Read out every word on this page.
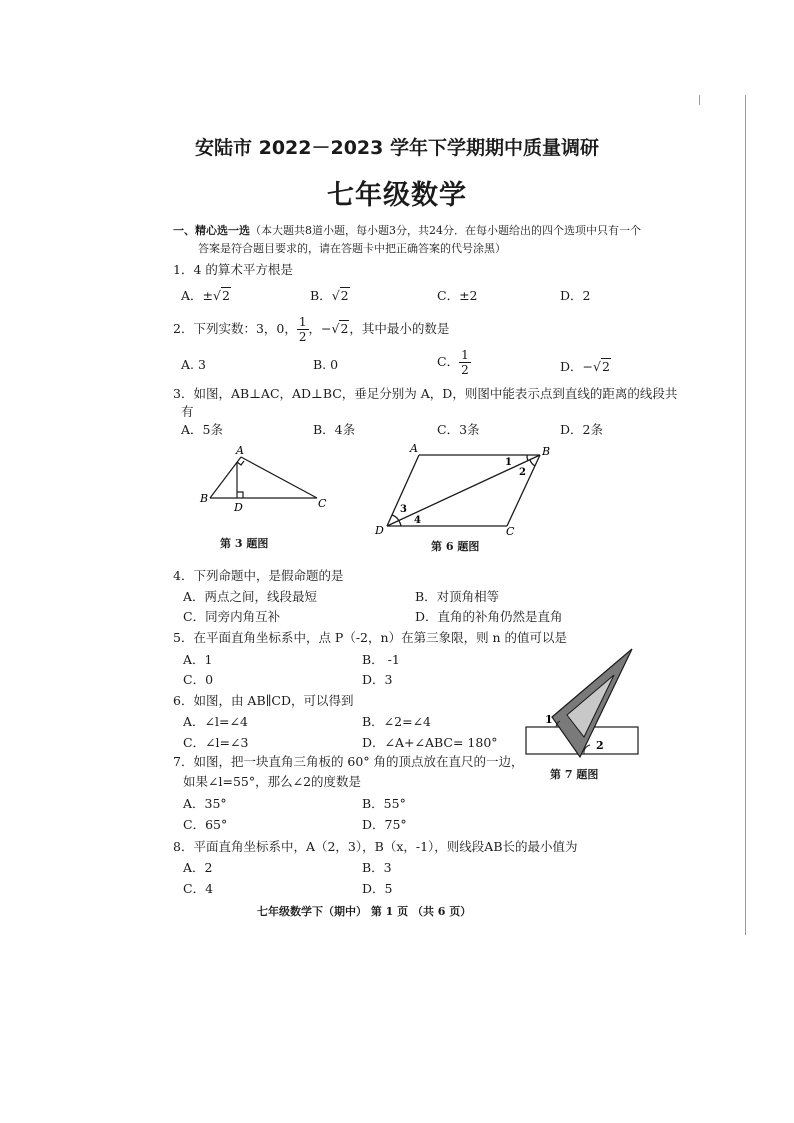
安陆市 2022－2023 学年下学期期中质量调研
七年级数学
一、精心选一选（本大题共8道小题，每小题3分，共24分．在每小题给出的四个选项中只有一个
答案是符合题目要求的，请在答题卡中把正确答案的代号涂黑）
1．4 的算术平方根是
A．±√2	B．√2	C．±2	D．2
2．下列实数：3，0， $\frac{1}{2}$ ，−√2，其中最小的数是
A. 3	B. 0	C． $\frac{1}{2}$	D．−√2
3．如图，AB⊥AC，AD⊥BC，垂足分别为 A，D，则图中能表示点到直线的距离的线段共
有
A．5条	B．4条	C．3条	D．2条
A
B
D	C
第 3 题图
A	B
D	C
1
2
3
4
第 6 题图
4．下列命题中，是假命题的是
A．两点之间，线段最短	B．对顶角相等
C．同旁内角互补	D．直角的补角仍然是直角
5．在平面直角坐标系中，点 P（-2，n）在第三象限，则 n 的值可以是
A．1	B． -1
C．0	D．3
6．如图，由 AB∥CD，可以得到
A．∠l=∠4	B．∠2=∠4
C．∠l=∠3	D．∠A+∠ABC= 180°
1
2
第 7 题图
7．如图，把一块直角三角板的 60° 角的顶点放在直尺的一边，
如果∠l=55°，那么∠2的度数是
A．35°	B．55°
C．65°	D．75°
8．平面直角坐标系中，A（2，3），B（x，-1），则线段AB长的最小值为
A．2	B．3
C．4	D．5
七年级数学下（期中） 第 1 页 （共 6 页）
